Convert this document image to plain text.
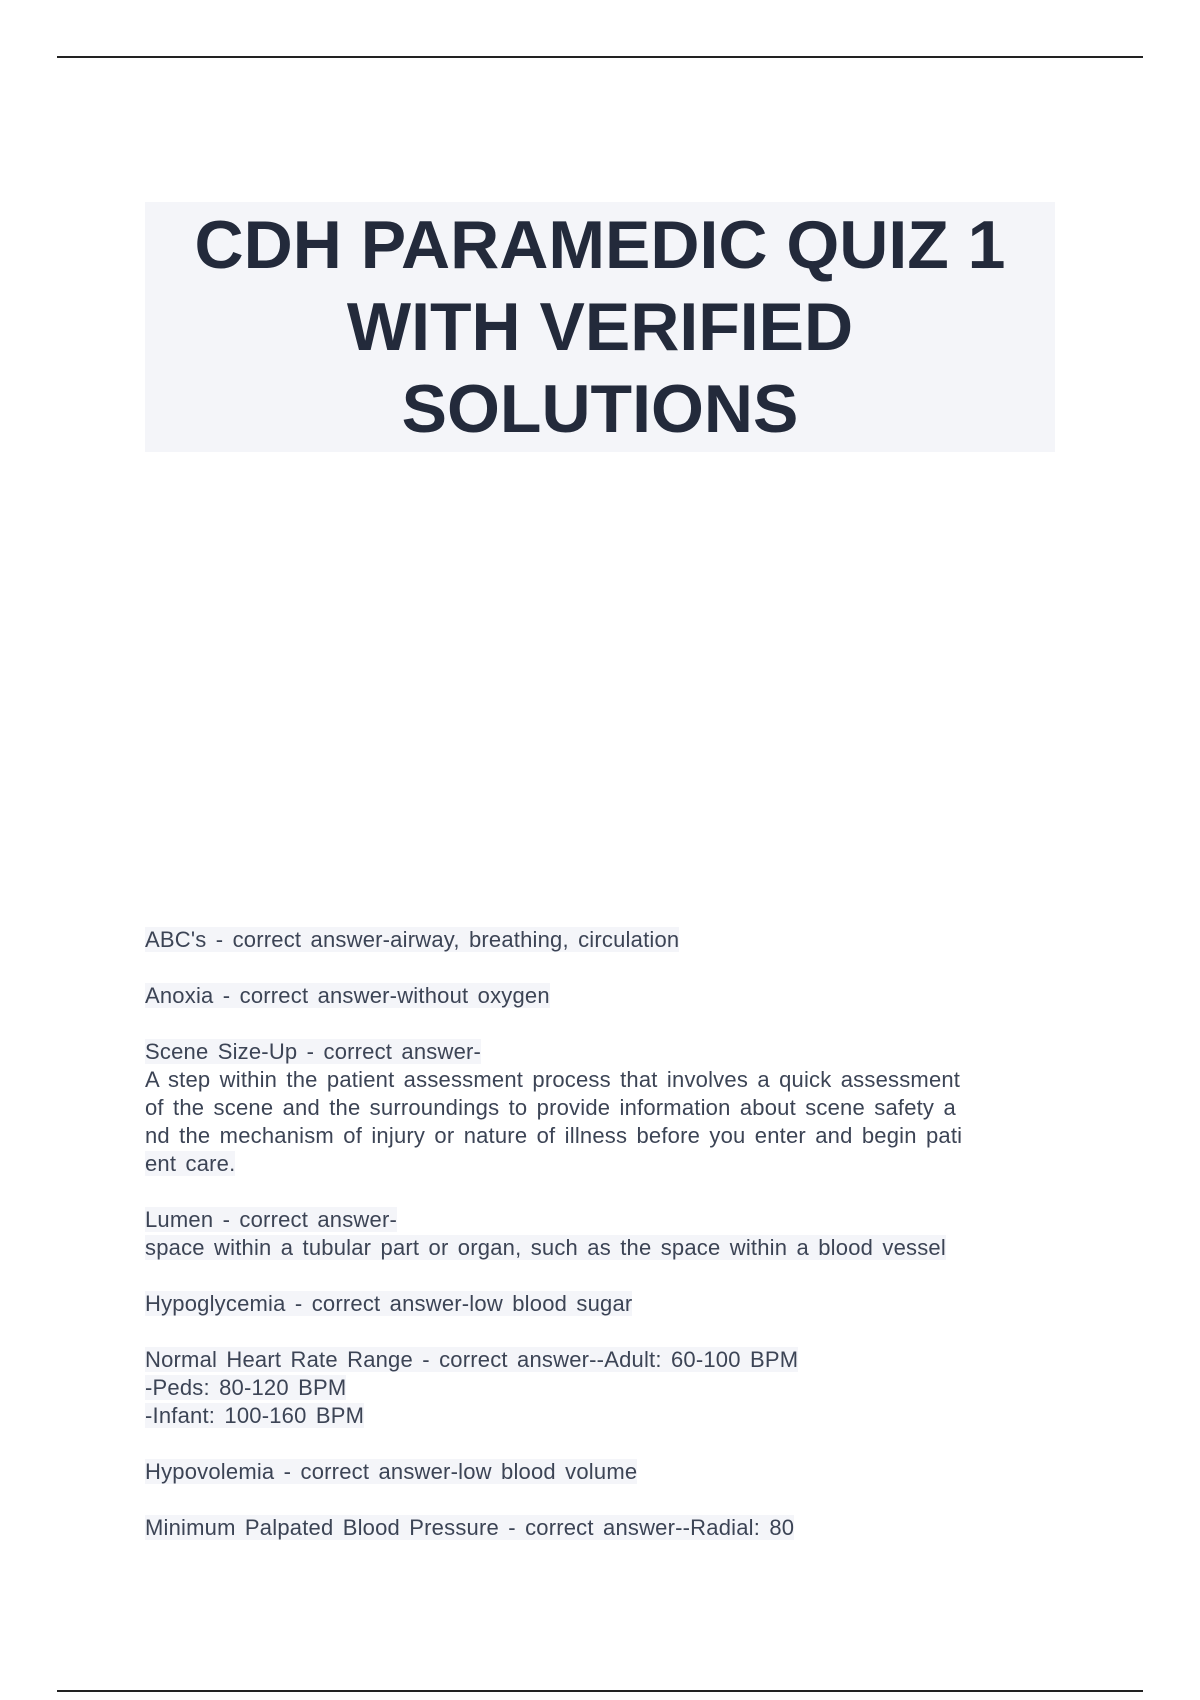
CDH PARAMEDIC QUIZ 1
WITH VERIFIED
SOLUTIONS
ABC's - correct answer-airway, breathing, circulation
Anoxia - correct answer-without oxygen
Scene Size-Up - correct answer-
A step within the patient assessment process that involves a quick assessment
of the scene and the surroundings to provide information about scene safety a
nd the mechanism of injury or nature of illness before you enter and begin pati
ent care.
Lumen - correct answer-
space within a tubular part or organ, such as the space within a blood vessel
Hypoglycemia - correct answer-low blood sugar
Normal Heart Rate Range - correct answer--Adult: 60-100 BPM
-Peds: 80-120 BPM
-Infant: 100-160 BPM
Hypovolemia - correct answer-low blood volume
Minimum Palpated Blood Pressure - correct answer--Radial: 80
